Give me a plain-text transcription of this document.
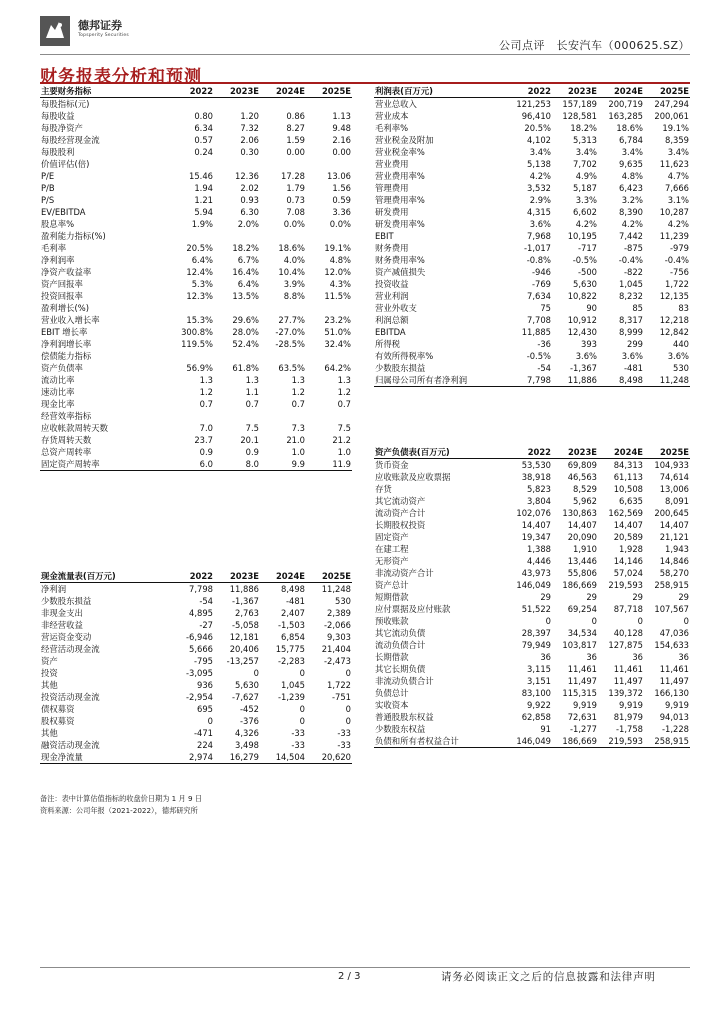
德邦证券
Topsperity Securities
公司点评　长安汽车（000625.SZ）
财务报表分析和预测
主要财务指标	2022	2023E	2024E	2025E
每股指标(元)				
每股收益	0.80	1.20	0.86	1.13
每股净资产	6.34	7.32	8.27	9.48
每股经营现金流	0.57	2.06	1.59	2.16
每股股利	0.24	0.30	0.00	0.00
价值评估(倍)				
P/E	15.46	12.36	17.28	13.06
P/B	1.94	2.02	1.79	1.56
P/S	1.21	0.93	0.73	0.59
EV/EBITDA	5.94	6.30	7.08	3.36
股息率%	1.9%	2.0%	0.0%	0.0%
盈利能力指标(%)				
毛利率	20.5%	18.2%	18.6%	19.1%
净利润率	6.4%	6.7%	4.0%	4.8%
净资产收益率	12.4%	16.4%	10.4%	12.0%
资产回报率	5.3%	6.4%	3.9%	4.3%
投资回报率	12.3%	13.5%	8.8%	11.5%
盈利增长(%)				
营业收入增长率	15.3%	29.6%	27.7%	23.2%
EBIT 增长率	300.8%	28.0%	-27.0%	51.0%
净利润增长率	119.5%	52.4%	-28.5%	32.4%
偿债能力指标				
资产负债率	56.9%	61.8%	63.5%	64.2%
流动比率	1.3	1.3	1.3	1.3
速动比率	1.2	1.1	1.2	1.2
现金比率	0.7	0.7	0.7	0.7
经营效率指标				
应收帐款周转天数	7.0	7.5	7.3	7.5
存货周转天数	23.7	20.1	21.0	21.2
总资产周转率	0.9	0.9	1.0	1.0
固定资产周转率	6.0	8.0	9.9	11.9
利润表(百万元)	2022	2023E	2024E	2025E
营业总收入	121,253	157,189	200,719	247,294
营业成本	96,410	128,581	163,285	200,061
毛利率%	20.5%	18.2%	18.6%	19.1%
营业税金及附加	4,102	5,313	6,784	8,359
营业税金率%	3.4%	3.4%	3.4%	3.4%
营业费用	5,138	7,702	9,635	11,623
营业费用率%	4.2%	4.9%	4.8%	4.7%
管理费用	3,532	5,187	6,423	7,666
管理费用率%	2.9%	3.3%	3.2%	3.1%
研发费用	4,315	6,602	8,390	10,287
研发费用率%	3.6%	4.2%	4.2%	4.2%
EBIT	7,968	10,195	7,442	11,239
财务费用	-1,017	-717	-875	-979
财务费用率%	-0.8%	-0.5%	-0.4%	-0.4%
资产减值损失	-946	-500	-822	-756
投资收益	-769	5,630	1,045	1,722
营业利润	7,634	10,822	8,232	12,135
营业外收支	75	90	85	83
利润总额	7,708	10,912	8,317	12,218
EBITDA	11,885	12,430	8,999	12,842
所得税	-36	393	299	440
有效所得税率%	-0.5%	3.6%	3.6%	3.6%
少数股东损益	-54	-1,367	-481	530
归属母公司所有者净利润	7,798	11,886	8,498	11,248
资产负债表(百万元)	2022	2023E	2024E	2025E
货币资金	53,530	69,809	84,313	104,933
应收账款及应收票据	38,918	46,563	61,113	74,614
存货	5,823	8,529	10,508	13,006
其它流动资产	3,804	5,962	6,635	8,091
流动资产合计	102,076	130,863	162,569	200,645
长期股权投资	14,407	14,407	14,407	14,407
固定资产	19,347	20,090	20,589	21,121
在建工程	1,388	1,910	1,928	1,943
无形资产	4,446	13,446	14,146	14,846
非流动资产合计	43,973	55,806	57,024	58,270
资产总计	146,049	186,669	219,593	258,915
短期借款	29	29	29	29
应付票据及应付账款	51,522	69,254	87,718	107,567
预收账款	0	0	0	0
其它流动负债	28,397	34,534	40,128	47,036
流动负债合计	79,949	103,817	127,875	154,633
长期借款	36	36	36	36
其它长期负债	3,115	11,461	11,461	11,461
非流动负债合计	3,151	11,497	11,497	11,497
负债总计	83,100	115,315	139,372	166,130
实收资本	9,922	9,919	9,919	9,919
普通股股东权益	62,858	72,631	81,979	94,013
少数股东权益	91	-1,277	-1,758	-1,228
负债和所有者权益合计	146,049	186,669	219,593	258,915
现金流量表(百万元)	2022	2023E	2024E	2025E
净利润	7,798	11,886	8,498	11,248
少数股东损益	-54	-1,367	-481	530
非现金支出	4,895	2,763	2,407	2,389
非经营收益	-27	-5,058	-1,503	-2,066
营运资金变动	-6,946	12,181	6,854	9,303
经营活动现金流	5,666	20,406	15,775	21,404
资产	-795	-13,257	-2,283	-2,473
投资	-3,095	0	0	0
其他	936	5,630	1,045	1,722
投资活动现金流	-2,954	-7,627	-1,239	-751
债权募资	695	-452	0	0
股权募资	0	-376	0	0
其他	-471	4,326	-33	-33
融资活动现金流	224	3,498	-33	-33
现金净流量	2,974	16,279	14,504	20,620
备注：表中计算估值指标的收盘价日期为 1 月 9 日
资料来源：公司年报（2021-2022），德邦研究所
2 / 3	请务必阅读正文之后的信息披露和法律声明
